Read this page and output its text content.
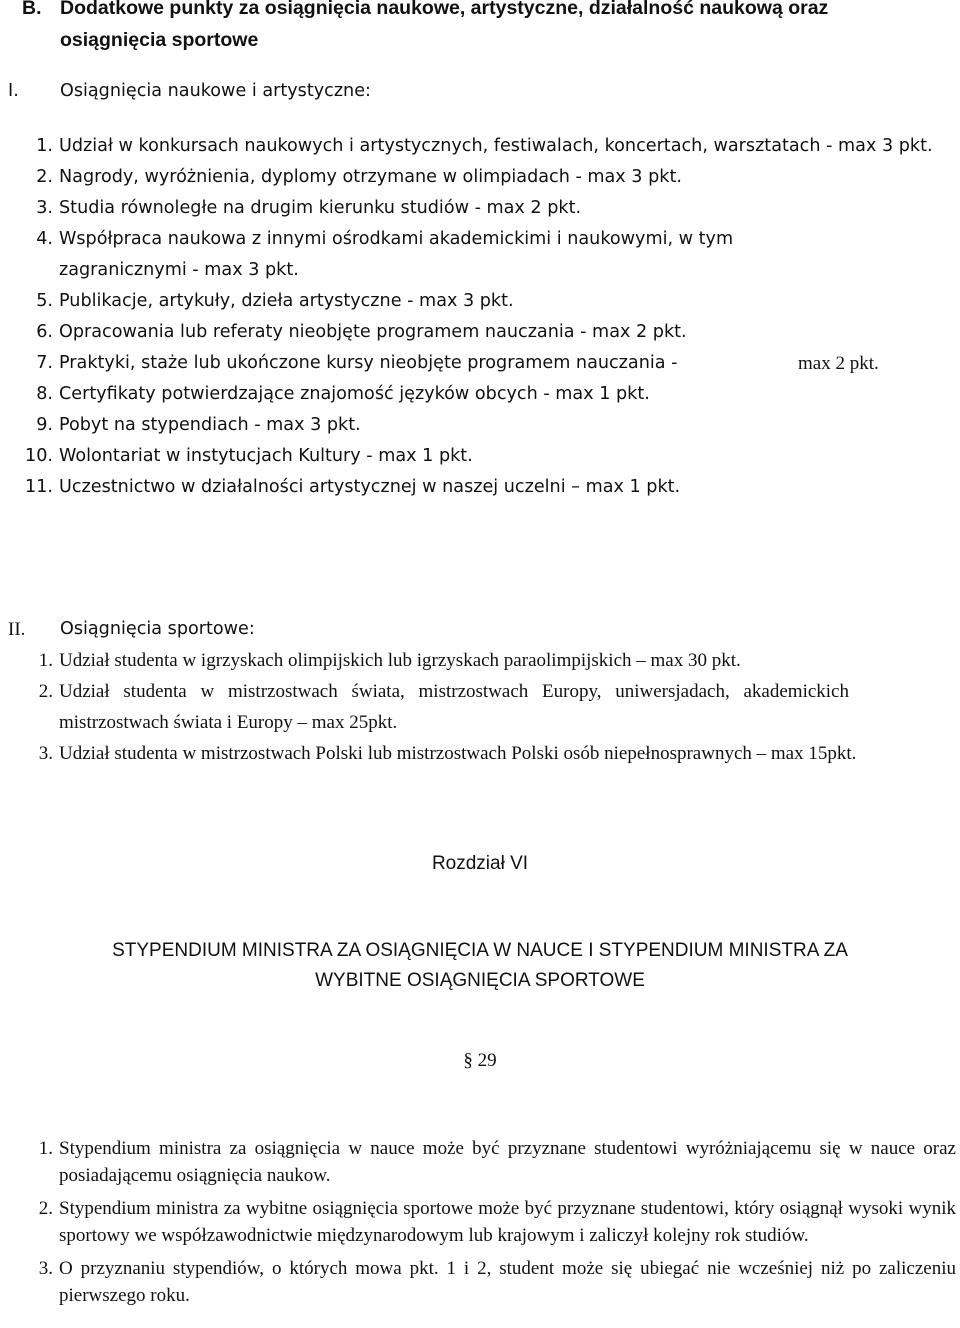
B. Dodatkowe punkty za osiągnięcia naukowe, artystyczne, działalność naukową oraz
osiągnięcia sportowe
I.	Osiągnięcia naukowe i artystyczne:
1. Udział w konkursach naukowych i artystycznych, festiwalach, koncertach, warsztatach - max 3 pkt.
2. Nagrody, wyróżnienia, dyplomy otrzymane w olimpiadach - max 3 pkt.
3. Studia równoległe na drugim kierunku studiów - max 2 pkt.
4. Współpraca naukowa z innymi ośrodkami akademickimi i naukowymi, w tym zagranicznymi - max 3 pkt.
5. Publikacje, artykuły, dzieła artystyczne - max 3 pkt.
6. Opracowania lub referaty nieobjęte programem nauczania - max 2 pkt.
7. Praktyki, staże lub ukończone kursy nieobjęte programem nauczania -	max 2 pkt.
8. Certyfikaty potwierdzające znajomość języków obcych - max 1 pkt.
9. Pobyt na stypendiach - max 3 pkt.
10. Wolontariat w instytucjach Kultury - max 1 pkt.
11. Uczestnictwo w działalności artystycznej w naszej uczelni – max 1 pkt.
II.	Osiągnięcia sportowe:
1. Udział studenta w igrzyskach olimpijskich lub igrzyskach paraolimpijskich – max 30 pkt.
2. Udział studenta w mistrzostwach świata, mistrzostwach Europy, uniwersjadach, akademickich mistrzostwach świata i Europy – max 25pkt.
3. Udział studenta w mistrzostwach Polski lub mistrzostwach Polski osób niepełnosprawnych – max 15pkt.
Rozdział VI
STYPENDIUM MINISTRA ZA OSIĄGNIĘCIA W NAUCE I STYPENDIUM MINISTRA ZA
WYBITNE OSIĄGNIĘCIA SPORTOWE
§ 29
1. Stypendium ministra za osiągnięcia w nauce może być przyznane studentowi wyróżniającemu się w nauce oraz posiadającemu osiągnięcia naukow.
2. Stypendium ministra za wybitne osiągnięcia sportowe może być przyznane studentowi, który osiągnął wysoki wynik sportowy we współzawodnictwie międzynarodowym lub krajowym i zaliczył kolejny rok studiów.
3. O przyznaniu stypendiów, o których mowa pkt. 1 i 2, student może się ubiegać nie wcześniej niż po zaliczeniu pierwszego roku.
